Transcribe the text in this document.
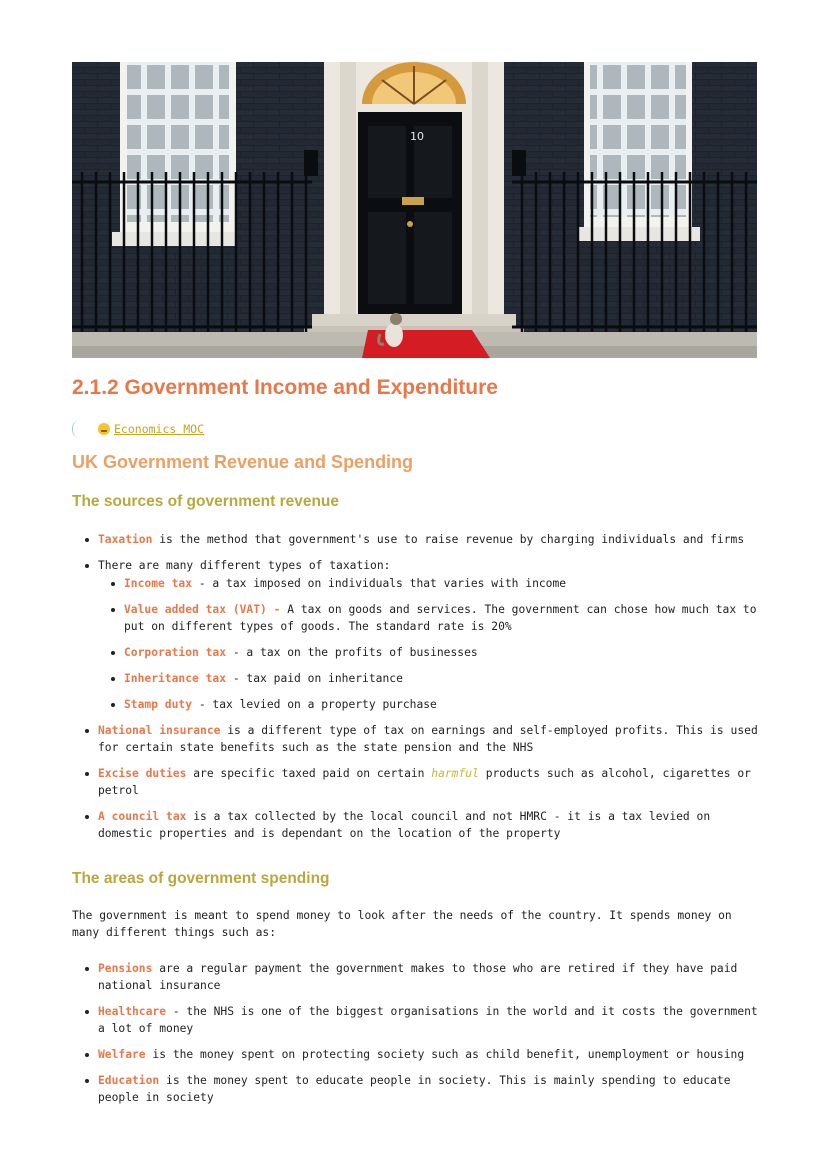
10
2.1.2 Government Income and Expenditure
Economics MOC
UK Government Revenue and Spending
The sources of government revenue
Taxation is the method that government's use to raise revenue by charging individuals and firms
There are many different types of taxation:
Income tax - a tax imposed on individuals that varies with income
Value added tax (VAT) - A tax on goods and services. The government can chose how much tax to put on different types of goods. The standard rate is 20%
Corporation tax - a tax on the profits of businesses
Inheritance tax - tax paid on inheritance
Stamp duty - tax levied on a property purchase
National insurance is a different type of tax on earnings and self-employed profits. This is used for certain state benefits such as the state pension and the NHS
Excise duties are specific taxed paid on certain harmful products such as alcohol, cigarettes or petrol
A council tax is a tax collected by the local council and not HMRC - it is a tax levied on domestic properties and is dependant on the location of the property
The areas of government spending

The government is meant to spend money to look after the needs of the country. It spends money on many different things such as:

Pensions are a regular payment the government makes to those who are retired if they have paid national insurance
Healthcare - the NHS is one of the biggest organisations in the world and it costs the government a lot of money
Welfare is the money spent on protecting society such as child benefit, unemployment or housing
Education is the money spent to educate people in society. This is mainly spending to educate people in society
